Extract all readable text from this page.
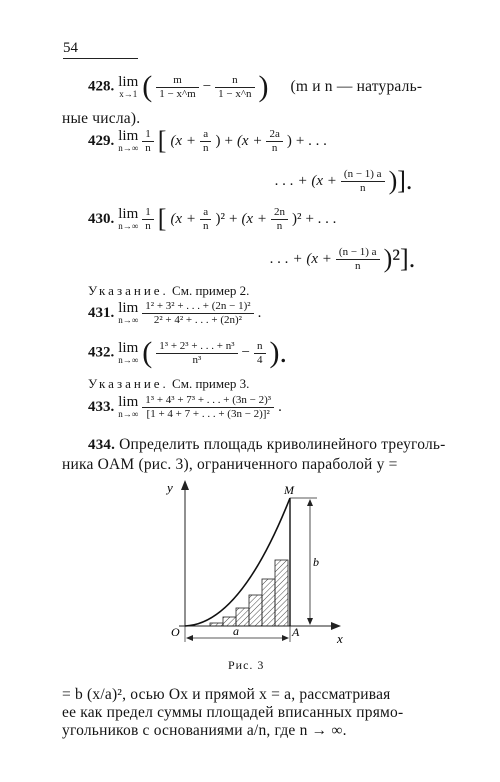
54
428. lim
x→1 ( $\frac{m}{1 - x\^{}m} - \frac{n}{1 - x\^{}n}$ ) (m и n — натураль-
ные числа).
429. lim
n→∞
$\frac{1}{n}$ [ ($x + \frac{a}{n}$ ) + ($x + \frac{2a}{n}$ ) + . . .
. . . + ($x + \frac{(n - 1) a}{n}$ )].
430. lim
n→∞
$\frac{1}{n}$ [ $(x + \frac{a}{n} )^2 + (x + \frac{2n}{n} )^2$ + . . .
. . . + $(x + \frac{(n - 1) a}{n} )^2$].
Указание. См. пример 2.
431. lim
n→∞
$\frac{\text{1² + 3² + . . . + (2n − 1)²}}{\text{2² + 4² + . . . + (2n)²}}$ .
432. lim
n→∞ ( $\frac{\text{1³ + 2³ + . . . + n³}}{\text{n³}} - \frac{n}{4}$ ).
Указание. См. пример 3.
433. lim
n→∞
$\frac{\text{1³ + 4³ + 7³ + . . . + (3n − 2)³}}{\text{[1 + 4 + 7 + . . . + (3n − 2)]²}}$ .
434. Определить площадь криволинейного треуголь-
ника OAM (рис. 3), ограниченного параболой y =
y
x
M
O	A
a
b
Рис. 3
= b (x/a)², осью Ox и прямой x = a, рассматривая
ее как предел суммы площадей вписанных прямо-
угольников с основаниями a/n, где n → ∞.
